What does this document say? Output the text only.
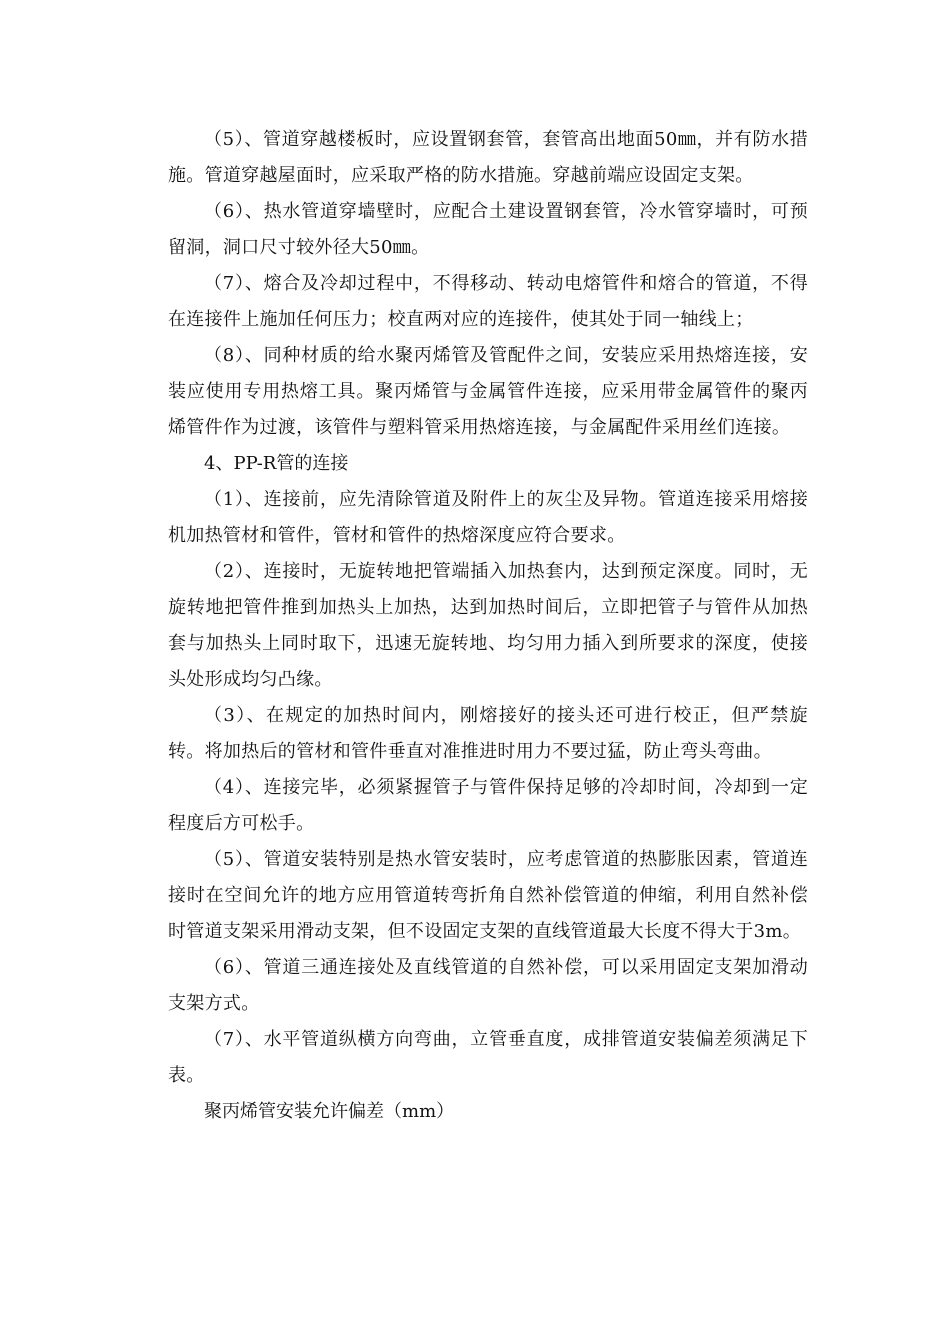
（5）、管道穿越楼板时，应设置钢套管，套管高出地面50㎜，并有防水措施。管道穿越屋面时，应采取严格的防水措施。穿越前端应设固定支架。

（6）、热水管道穿墙壁时，应配合土建设置钢套管，冷水管穿墙时，可预留洞，洞口尺寸较外径大50㎜。

（7）、熔合及冷却过程中，不得移动、转动电熔管件和熔合的管道，不得在连接件上施加任何压力；校直两对应的连接件，使其处于同一轴线上；

（8）、同种材质的给水聚丙烯管及管配件之间，安装应采用热熔连接，安装应使用专用热熔工具。聚丙烯管与金属管件连接，应采用带金属管件的聚丙烯管件作为过渡，该管件与塑料管采用热熔连接，与金属配件采用丝们连接。

4、PP-R管的连接

（1）、连接前，应先清除管道及附件上的灰尘及异物。管道连接采用熔接机加热管材和管件，管材和管件的热熔深度应符合要求。

（2）、连接时，无旋转地把管端插入加热套内，达到预定深度。同时，无旋转地把管件推到加热头上加热，达到加热时间后，立即把管子与管件从加热套与加热头上同时取下，迅速无旋转地、均匀用力插入到所要求的深度，使接头处形成均匀凸缘。

（3）、在规定的加热时间内，刚熔接好的接头还可进行校正，但严禁旋转。将加热后的管材和管件垂直对准推进时用力不要过猛，防止弯头弯曲。

（4）、连接完毕，必须紧握管子与管件保持足够的冷却时间，冷却到一定程度后方可松手。

（5）、管道安装特别是热水管安装时，应考虑管道的热膨胀因素，管道连接时在空间允许的地方应用管道转弯折角自然补偿管道的伸缩，利用自然补偿时管道支架采用滑动支架，但不设固定支架的直线管道最大长度不得大于3m。

（6）、管道三通连接处及直线管道的自然补偿，可以采用固定支架加滑动支架方式。

（7）、水平管道纵横方向弯曲，立管垂直度，成排管道安装偏差须满足下表。

聚丙烯管安装允许偏差（mm）
